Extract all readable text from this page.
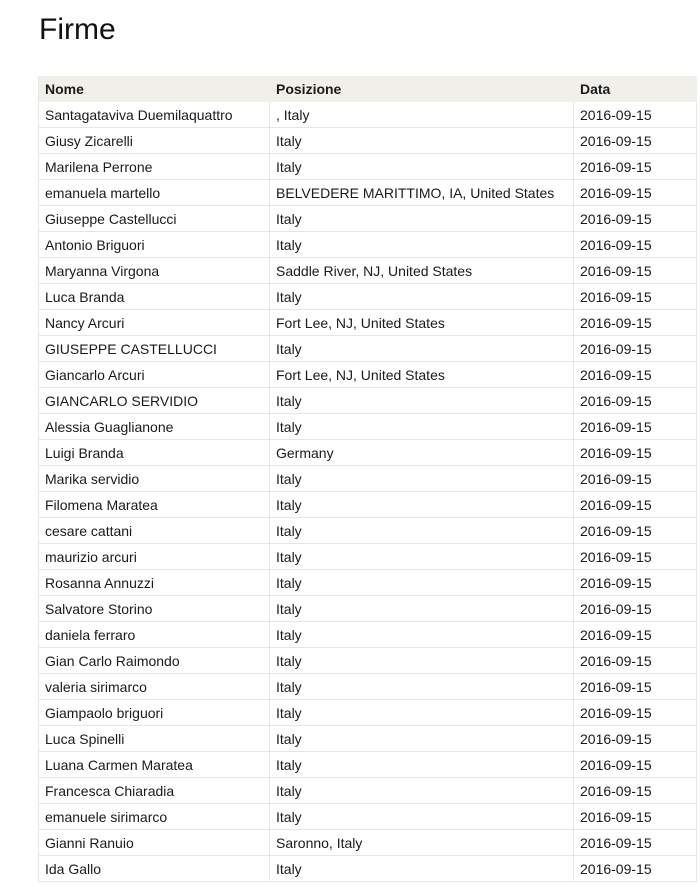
Firme
Nome	Posizione	Data
Santagataviva Duemilaquattro	, Italy	2016-09-15
Giusy Zicarelli	Italy	2016-09-15
Marilena Perrone	Italy	2016-09-15
emanuela martello	BELVEDERE MARITTIMO, IA, United States	2016-09-15
Giuseppe Castellucci	Italy	2016-09-15
Antonio Briguori	Italy	2016-09-15
Maryanna Virgona	Saddle River, NJ, United States	2016-09-15
Luca Branda	Italy	2016-09-15
Nancy Arcuri	Fort Lee, NJ, United States	2016-09-15
GIUSEPPE CASTELLUCCI	Italy	2016-09-15
Giancarlo Arcuri	Fort Lee, NJ, United States	2016-09-15
GIANCARLO SERVIDIO	Italy	2016-09-15
Alessia Guaglianone	Italy	2016-09-15
Luigi Branda	Germany	2016-09-15
Marika servidio	Italy	2016-09-15
Filomena Maratea	Italy	2016-09-15
cesare cattani	Italy	2016-09-15
maurizio arcuri	Italy	2016-09-15
Rosanna Annuzzi	Italy	2016-09-15
Salvatore Storino	Italy	2016-09-15
daniela ferraro	Italy	2016-09-15
Gian Carlo Raimondo	Italy	2016-09-15
valeria sirimarco	Italy	2016-09-15
Giampaolo briguori	Italy	2016-09-15
Luca Spinelli	Italy	2016-09-15
Luana Carmen Maratea	Italy	2016-09-15
Francesca Chiaradia	Italy	2016-09-15
emanuele sirimarco	Italy	2016-09-15
Gianni Ranuio	Saronno, Italy	2016-09-15
Ida Gallo	Italy	2016-09-15
